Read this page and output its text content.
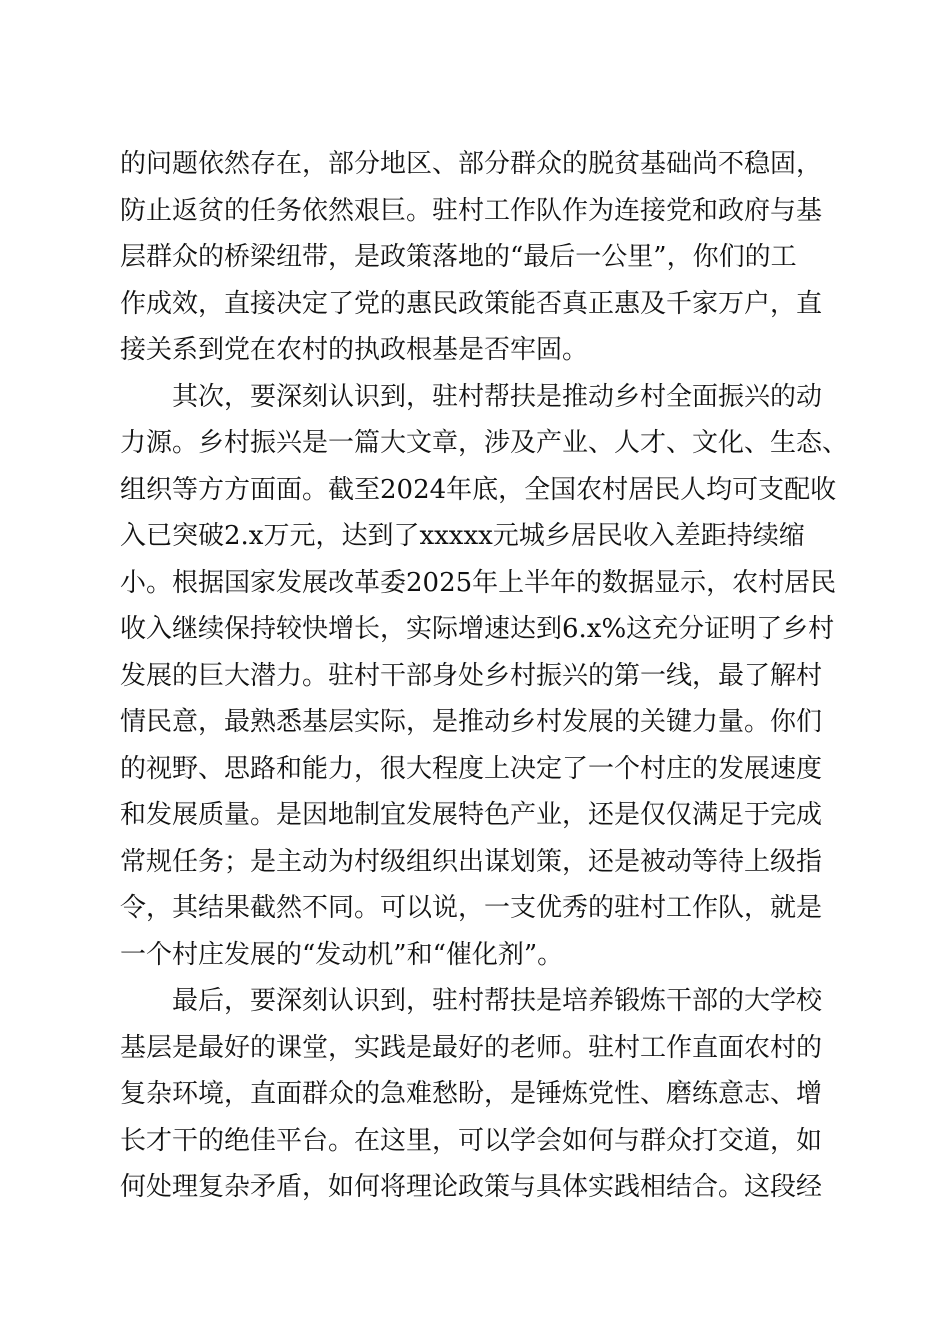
的问题依然存在，部分地区、部分群众的脱贫基础尚不稳固，
防止返贫的任务依然艰巨。驻村工作队作为连接党和政府与基
层群众的桥梁纽带，是政策落地的“最后一公里”，你们的工
作成效，直接决定了党的惠民政策能否真正惠及千家万户，直
接关系到党在农村的执政根基是否牢固。
其次，要深刻认识到，驻村帮扶是推动乡村全面振兴的动
力源。乡村振兴是一篇大文章，涉及产业、人才、文化、生态、
组织等方方面面。截至2024年底，全国农村居民人均可支配收
入已突破2.x万元，达到了xxxxx元城乡居民收入差距持续缩
小。根据国家发展改革委2025年上半年的数据显示，农村居民
收入继续保持较快增长，实际增速达到6.x%这充分证明了乡村
发展的巨大潜力。驻村干部身处乡村振兴的第一线，最了解村
情民意，最熟悉基层实际，是推动乡村发展的关键力量。你们
的视野、思路和能力，很大程度上决定了一个村庄的发展速度
和发展质量。是因地制宜发展特色产业，还是仅仅满足于完成
常规任务；是主动为村级组织出谋划策，还是被动等待上级指
令，其结果截然不同。可以说，一支优秀的驻村工作队，就是
一个村庄发展的“发动机”和“催化剂”。
最后，要深刻认识到，驻村帮扶是培养锻炼干部的大学校
基层是最好的课堂，实践是最好的老师。驻村工作直面农村的
复杂环境，直面群众的急难愁盼，是锤炼党性、磨练意志、增
长才干的绝佳平台。在这里，可以学会如何与群众打交道，如
何处理复杂矛盾，如何将理论政策与具体实践相结合。这段经
